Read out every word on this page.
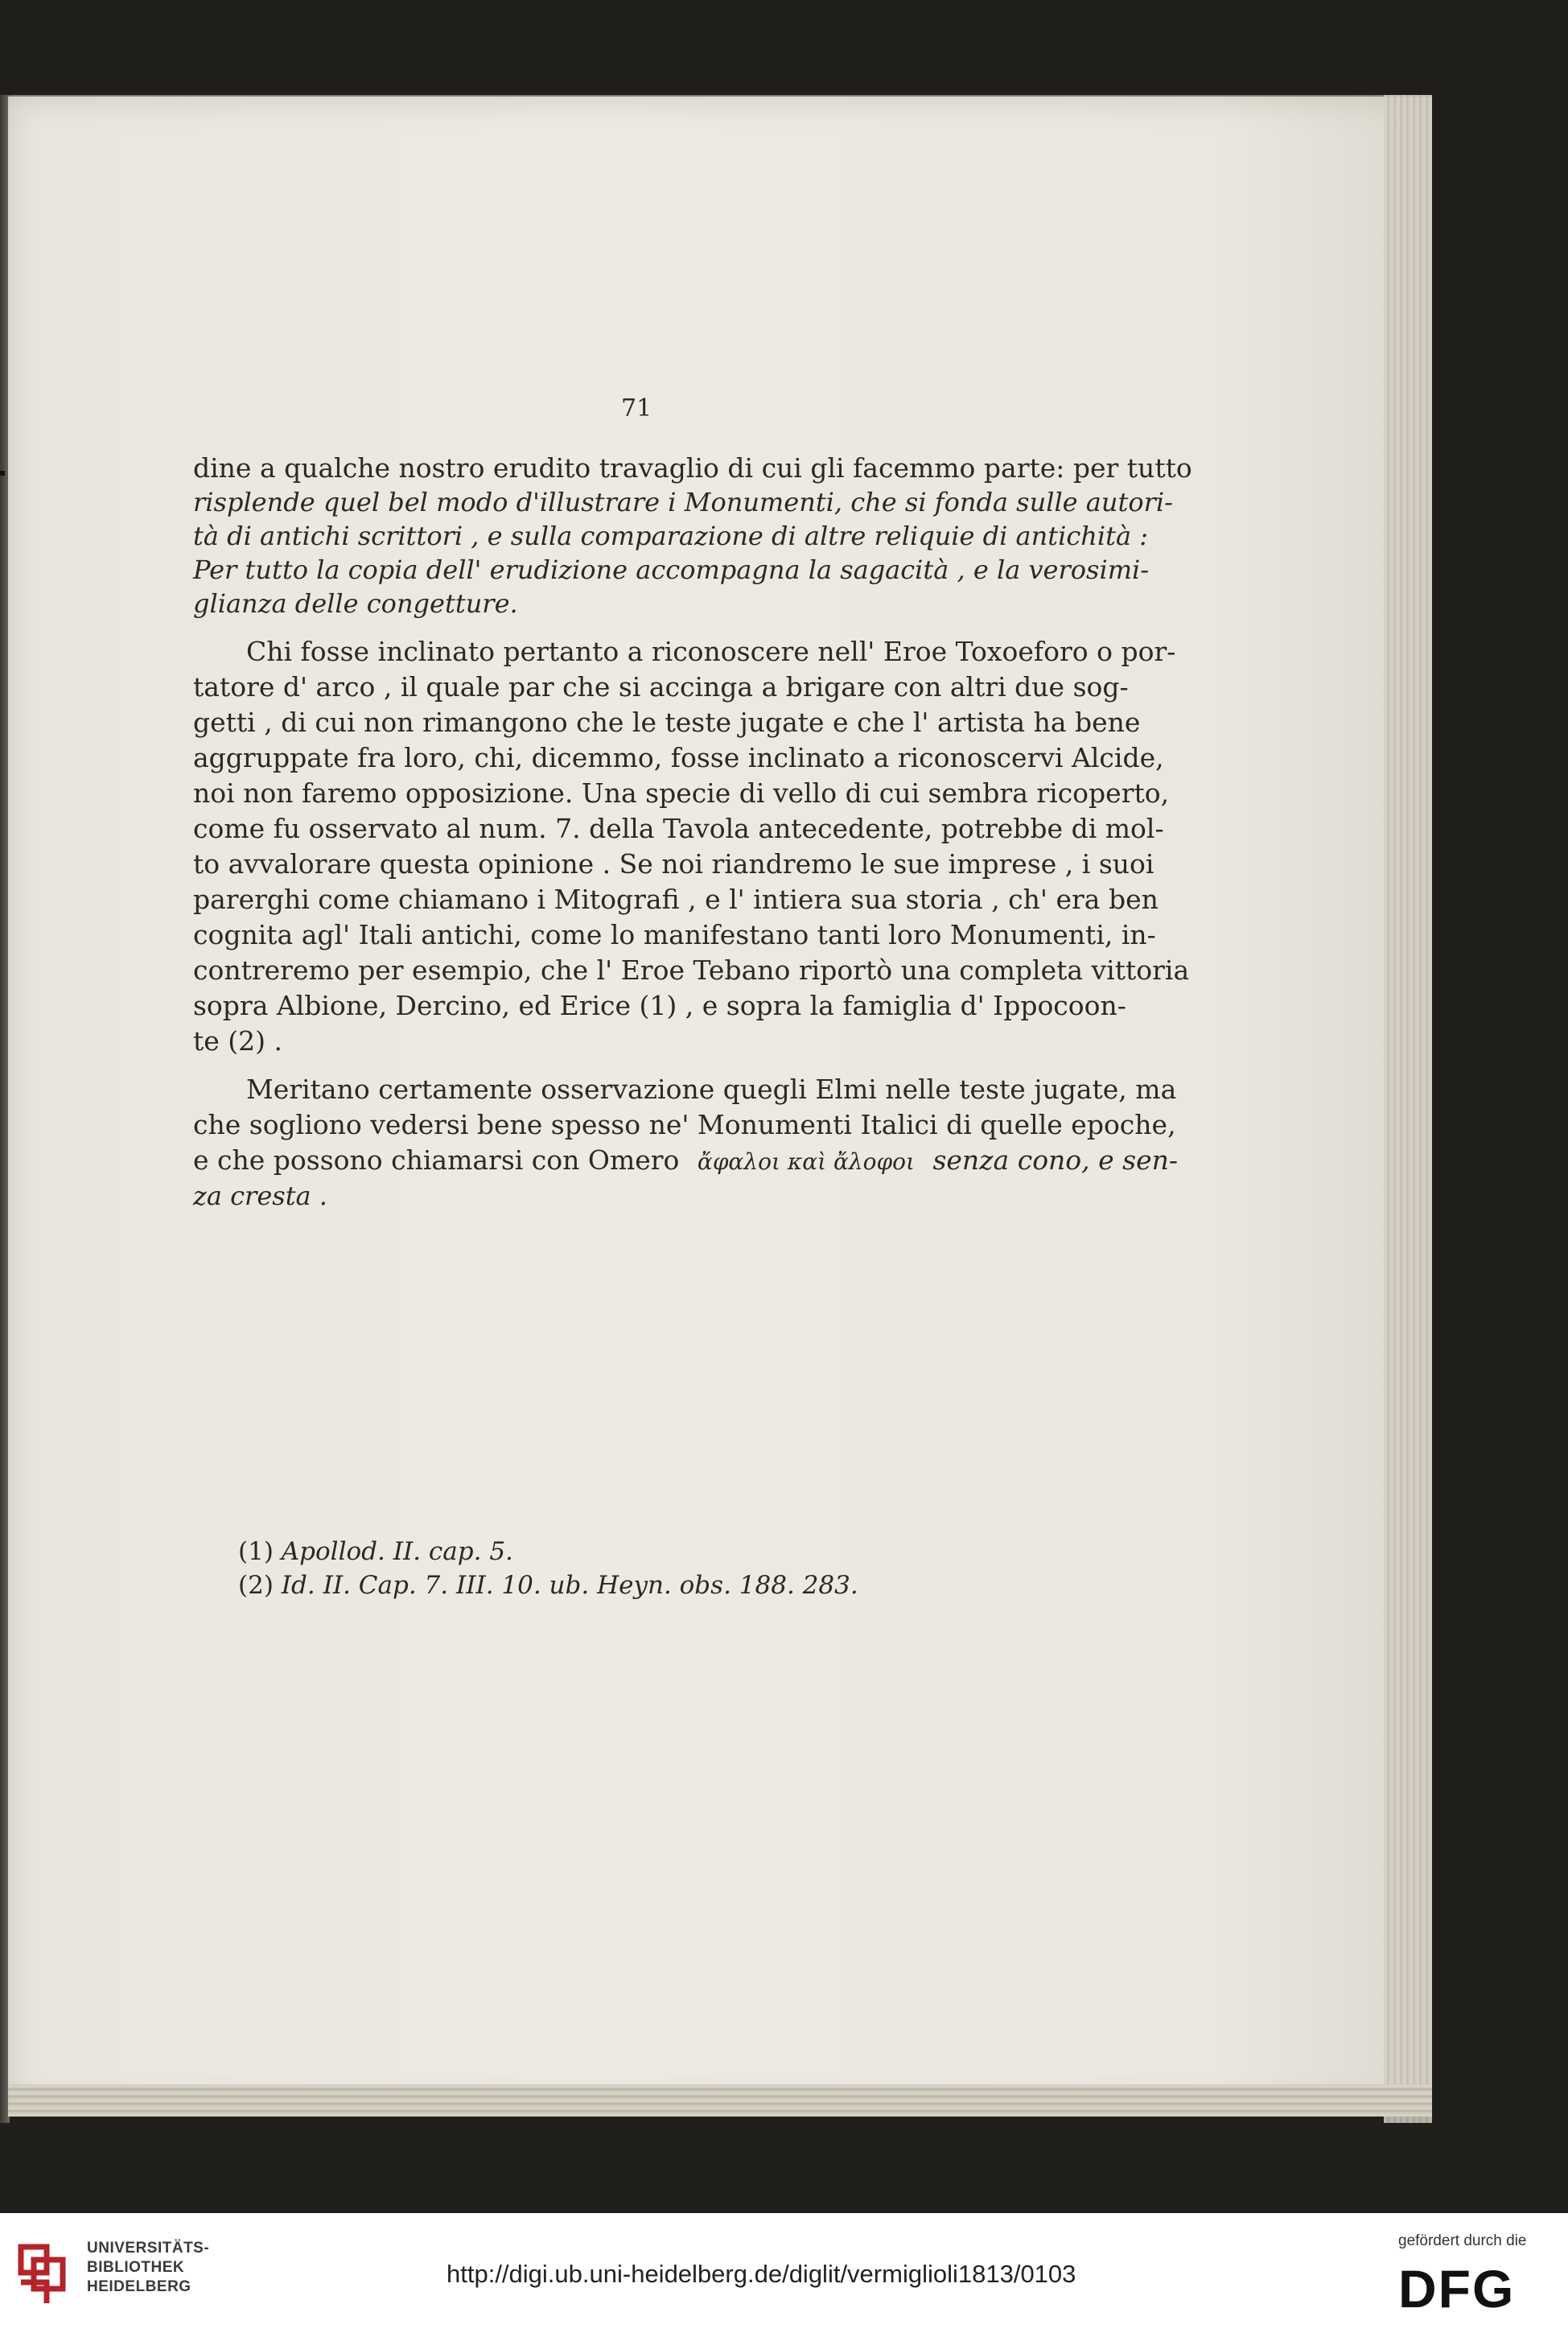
71
dine a qualche nostro erudito travaglio di cui gli facemmo parte: per tutto
risplende quel bel modo d'illustrare i Monumenti, che si fonda sulle autori-
tà di antichi scrittori , e sulla comparazione di altre reliquie di antichità :
Per tutto la copia dell' erudizione accompagna la sagacità , e la verosimi-
glianza delle congetture.
Chi fosse inclinato pertanto a riconoscere nell' Eroe Toxoeforo o por-
tatore d' arco , il quale par che si accinga a brigare con altri due sog-
getti , di cui non rimangono che le teste jugate e che l' artista ha bene
aggruppate fra loro, chi, dicemmo, fosse inclinato a riconoscervi Alcide,
noi non faremo opposizione. Una specie di vello di cui sembra ricoperto,
come fu osservato al num. 7. della Tavola antecedente, potrebbe di mol-
to avvalorare questa opinione . Se noi riandremo le sue imprese , i suoi
parerghi come chiamano i Mitografi , e l' intiera sua storia , ch' era ben
cognita agl' Itali antichi, come lo manifestano tanti loro Monumenti, in-
contreremo per esempio, che l' Eroe Tebano riportò una completa vittoria
sopra Albione, Dercino, ed Erice (1) , e sopra la famiglia d' Ippocoon-
te (2) .
Meritano certamente osservazione quegli Elmi nelle teste jugate, ma
che sogliono vedersi bene spesso ne' Monumenti Italici di quelle epoche,
e che possono chiamarsi con Omero ἄφαλοι καὶ ἄλοφοι senza cono, e sen-
za cresta .
(1) Apollod. II. cap. 5.
(2) Id. II. Cap. 7. III. 10. ub. Heyn. obs. 188. 283.
UNIVERSITÄTS-
BIBLIOTHEK
HEIDELBERG	http://digi.ub.uni-heidelberg.de/diglit/vermiglioli1813/0103
gefördert durch die
DFG
